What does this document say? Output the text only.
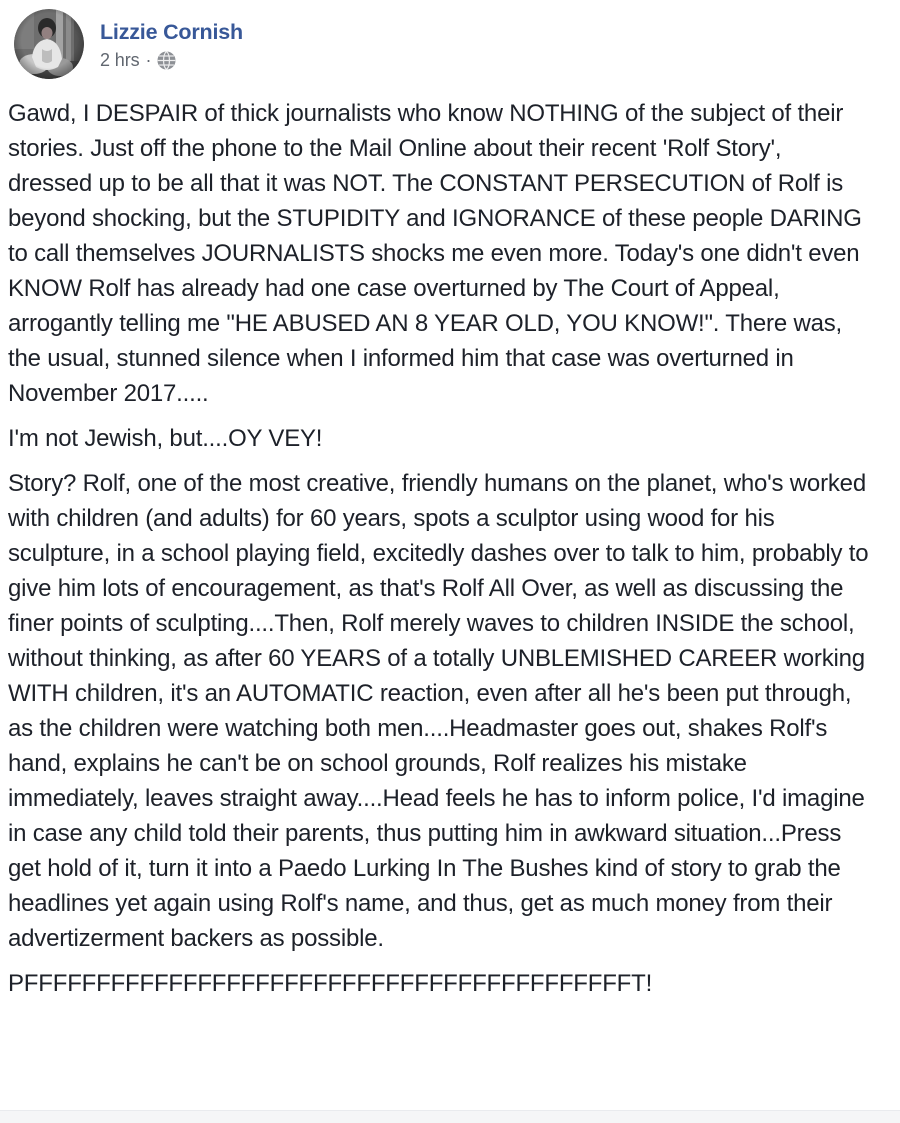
Lizzie Cornish
2 hrs ·

Gawd, I DESPAIR of thick journalists who know NOTHING of the subject of their stories. Just off the phone to the Mail Online about their recent 'Rolf Story', dressed up to be all that it was NOT. The CONSTANT PERSECUTION of Rolf is beyond shocking, but the STUPIDITY and IGNORANCE of these people DARING to call themselves JOURNALISTS shocks me even more. Today's one didn't even KNOW Rolf has already had one case overturned by The Court of Appeal, arrogantly telling me "HE ABUSED AN 8 YEAR OLD, YOU KNOW!". There was, the usual, stunned silence when I informed him that case was overturned in November 2017.....

I'm not Jewish, but....OY VEY!

Story? Rolf, one of the most creative, friendly humans on the planet, who's worked with children (and adults) for 60 years, spots a sculptor using wood for his sculpture, in a school playing field, excitedly dashes over to talk to him, probably to give him lots of encouragement, as that's Rolf All Over, as well as discussing the finer points of sculpting....Then, Rolf merely waves to children INSIDE the school, without thinking, as after 60 YEARS of a totally UNBLEMISHED CAREER working WITH children, it's an AUTOMATIC reaction, even after all he's been put through, as the children were watching both men....Headmaster goes out, shakes Rolf's hand, explains he can't be on school grounds, Rolf realizes his mistake immediately, leaves straight away....Head feels he has to inform police, I'd imagine in case any child told their parents, thus putting him in awkward situation...Press get hold of it, turn it into a Paedo Lurking In The Bushes kind of story to grab the headlines yet again using Rolf's name, and thus, get as much money from their advertizerment backers as possible.

PFFFFFFFFFFFFFFFFFFFFFFFFFFFFFFFFFFFFFFFFFFT!
